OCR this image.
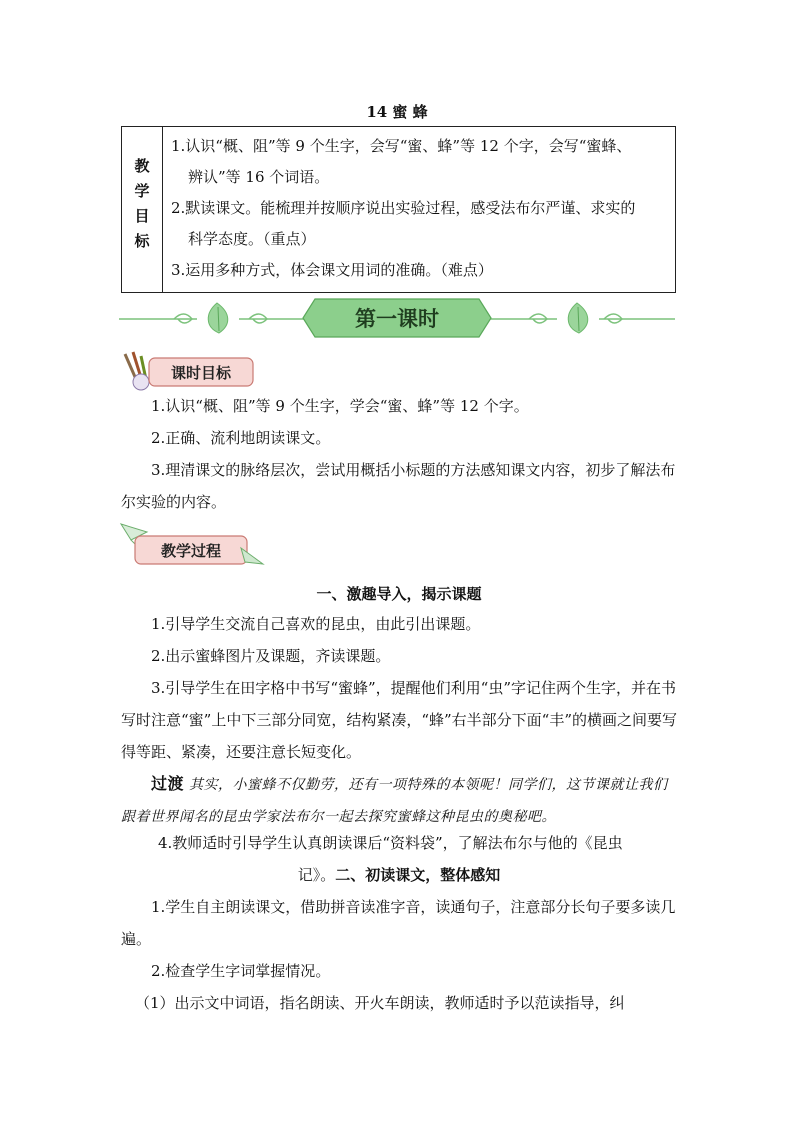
14 蜜 蜂
教
学
目
标

1.认识“概、阻”等 9 个生字，会写“蜜、蜂”等 12 个字，会写“蜜蜂、
辨认”等 16 个词语。
2.默读课文。能梳理并按顺序说出实验过程，感受法布尔严谨、求实的
科学态度。（重点）
3.运用多种方式，体会课文用词的准确。（难点）
第一课时
课时目标
1.认识“概、阻”等 9 个生字，学会“蜜、蜂”等 12 个字。
2.正确、流利地朗读课文。
3.理清课文的脉络层次，尝试用概括小标题的方法感知课文内容，初步了解法布尔实验的内容。
教学过程
一、激趣导入，揭示课题
1.引导学生交流自己喜欢的昆虫，由此引出课题。
2.出示蜜蜂图片及课题，齐读课题。
3.引导学生在田字格中书写“蜜蜂”，提醒他们利用“虫”字记住两个生字，并在书写时注意“蜜”上中下三部分同宽，结构紧凑，“蜂”右半部分下面“丰”的横画之间要写得等距、紧凑，还要注意长短变化。
过渡 其实，小蜜蜂不仅勤劳，还有一项特殊的本领呢！同学们，这节课就让我们跟着世界闻名的昆虫学家法布尔一起去探究蜜蜂这种昆虫的奥秘吧。
4.教师适时引导学生认真朗读课后“资料袋”，了解法布尔与他的《昆虫
记》。二、初读课文，整体感知
1.学生自主朗读课文，借助拼音读准字音，读通句子，注意部分长句子要多读几遍。
2.检查学生字词掌握情况。
（1）出示文中词语，指名朗读、开火车朗读，教师适时予以范读指导，纠
